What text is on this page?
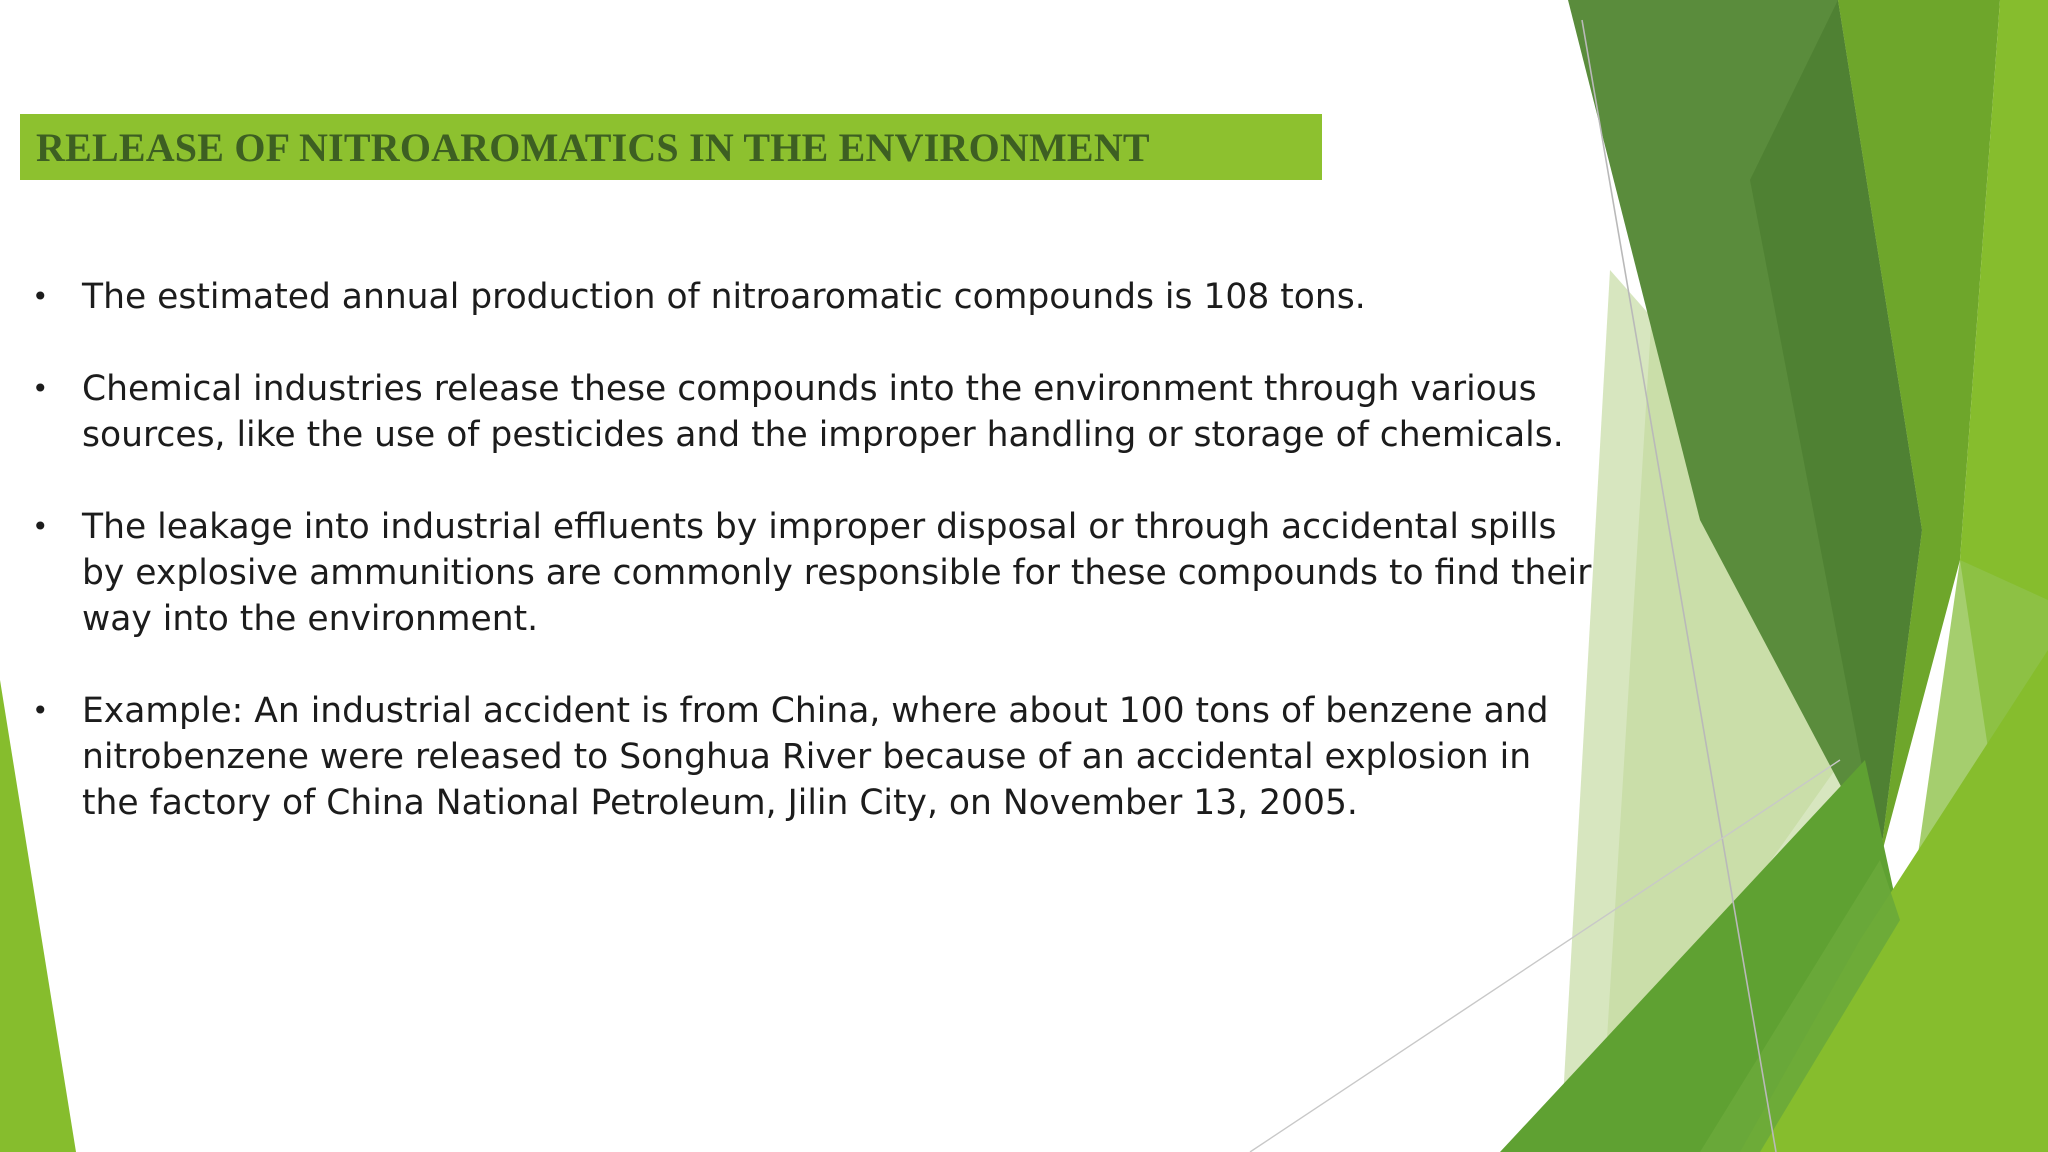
RELEASE OF NITROAROMATICS IN THE ENVIRONMENT
• The estimated annual production of nitroaromatic compounds is 108 tons.
• Chemical industries release these compounds into the environment through various sources, like the use of pesticides and the improper handling or storage of chemicals.
• The leakage into industrial effluents by improper disposal or through accidental spills by explosive ammunitions are commonly responsible for these compounds to find their way into the environment.
• Example: An industrial accident is from China, where about 100 tons of benzene and nitrobenzene were released to Songhua River because of an accidental explosion in the factory of China National Petroleum, Jilin City, on November 13, 2005.
